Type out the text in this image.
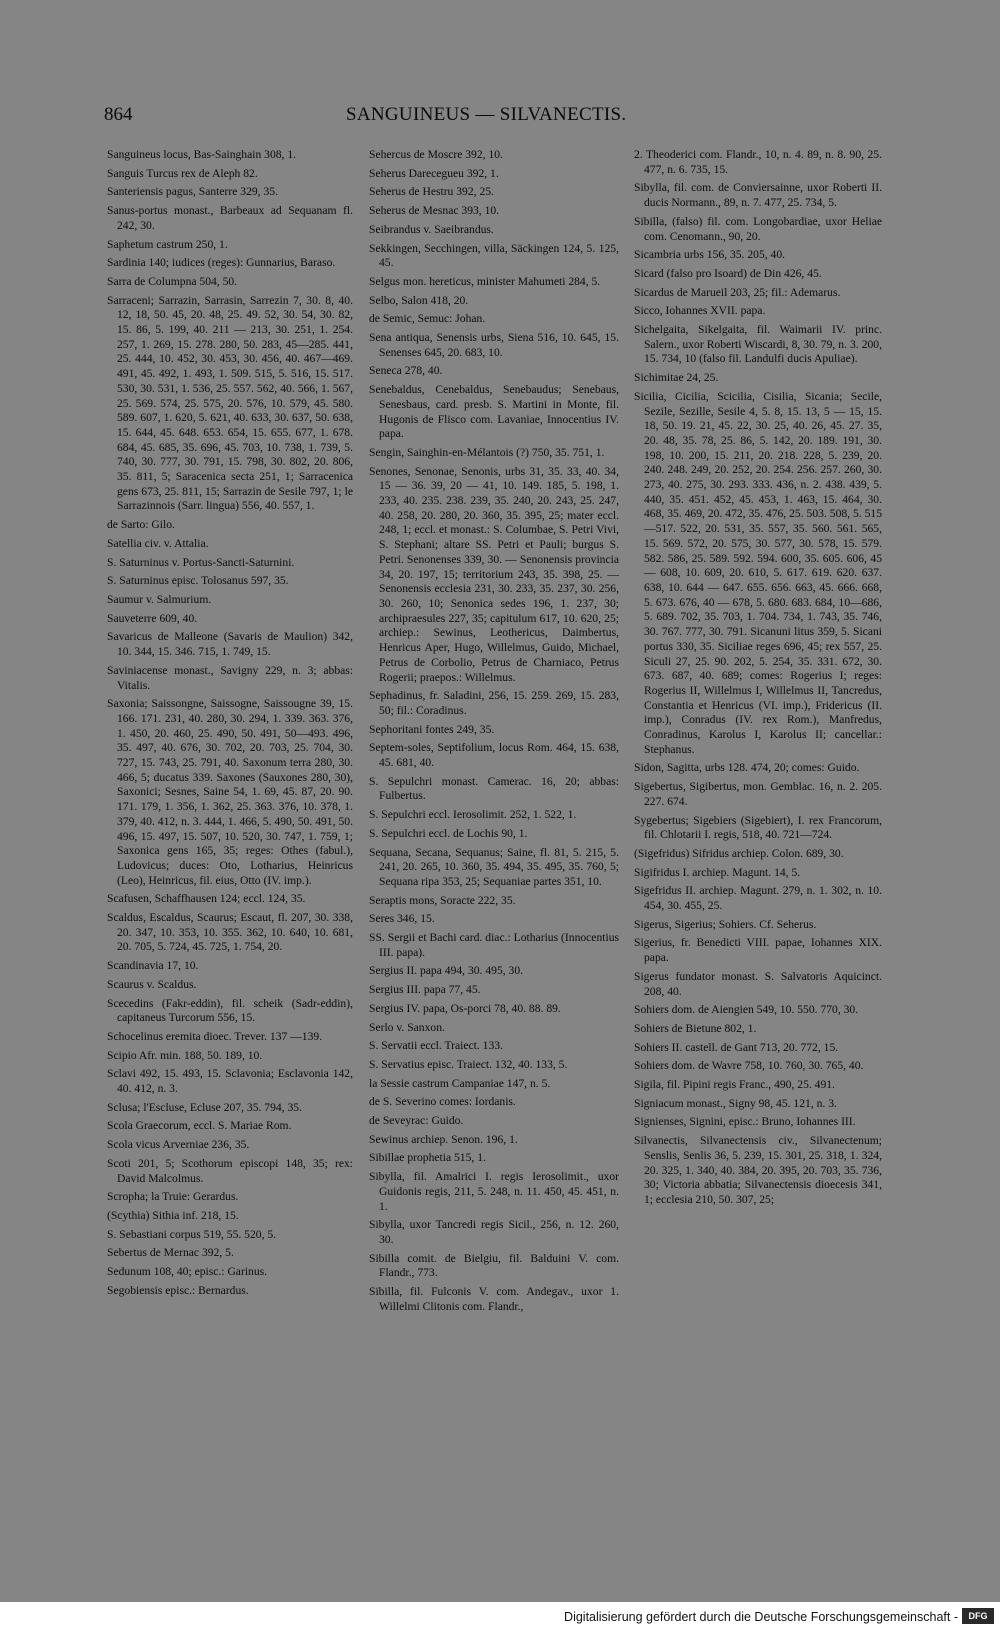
864	SANGUINEUS — SILVANECTIS.
Sanguineus locus, Bas-Sainghain 308, 1.
Sanguis Turcus rex de Aleph 82.
Santeriensis pagus, Santerre 329, 35.
Sanus-portus monast., Barbeaux ad Sequanam fl. 242, 30.
Saphetum castrum 250, 1.
Sardinia 140; iudices (reges): Gunnarius, Baraso.
Sarra de Columpna 504, 50.
Sarraceni; Sarrazin, Sarrasin, Sarrezin 7, 30. 8, 40. 12, 18, 50. 45, 20. 48, 25. 49. 52, 30. 54, 30. 82, 15. 86, 5. 199, 40. 211 — 213, 30. 251, 1. 254. 257, 1. 269, 15. 278. 280, 50. 283, 45—285. 441, 25. 444, 10. 452, 30. 453, 30. 456, 40. 467—469. 491, 45. 492, 1. 493, 1. 509. 515, 5. 516, 15. 517. 530, 30. 531, 1. 536, 25. 557. 562, 40. 566, 1. 567, 25. 569. 574, 25. 575, 20. 576, 10. 579, 45. 580. 589. 607, 1. 620, 5. 621, 40. 633, 30. 637, 50. 638, 15. 644, 45. 648. 653. 654, 15. 655. 677, 1. 678. 684, 45. 685, 35. 696, 45. 703, 10. 738, 1. 739, 5. 740, 30. 777, 30. 791, 15. 798, 30. 802, 20. 806, 35. 811, 5; Saracenica secta 251, 1; Sarracenica gens 673, 25. 811, 15; Sarrazin de Sesile 797, 1; le Sarrazinnois (Sarr. lingua) 556, 40. 557, 1.
de Sarto: Gilo.
Satellia civ. v. Attalia.
S. Saturninus v. Portus-Sancti-Saturnini.
S. Saturninus episc. Tolosanus 597, 35.
Saumur v. Salmurium.
Sauveterre 609, 40.
Savaricus de Malleone (Savaris de Maulion) 342, 10. 344, 15. 346. 715, 1. 749, 15.
Saviniacense monast., Savigny 229, n. 3; abbas: Vitalis.
Saxonia; Saissongne, Saissogne, Saissougne 39, 15. 166. 171. 231, 40. 280, 30. 294, 1. 339. 363. 376, 1. 450, 20. 460, 25. 490, 50. 491, 50—493. 496, 35. 497, 40. 676, 30. 702, 20. 703, 25. 704, 30. 727, 15. 743, 25. 791, 40. Saxonum terra 280, 30. 466, 5; ducatus 339. Saxones (Sauxones 280, 30), Saxonici; Sesnes, Saine 54, 1. 69, 45. 87, 20. 90. 171. 179, 1. 356, 1. 362, 25. 363. 376, 10. 378, 1. 379, 40. 412, n. 3. 444, 1. 466, 5. 490, 50. 491, 50. 496, 15. 497, 15. 507, 10. 520, 30. 747, 1. 759, 1; Saxonica gens 165, 35; reges: Othes (fabul.), Ludovicus; duces: Oto, Lotharius, Heinricus (Leo), Heinricus, fil. eius, Otto (IV. imp.).
Scafusen, Schaffhausen 124; eccl. 124, 35.
Scaldus, Escaldus, Scaurus; Escaut, fl. 207, 30. 338, 20. 347, 10. 353, 10. 355. 362, 10. 640, 10. 681, 20. 705, 5. 724, 45. 725, 1. 754, 20.
Scandinavia 17, 10.
Scaurus v. Scaldus.
Scecedins (Fakr-eddin), fil. scheik (Sadr-eddin), capitaneus Turcorum 556, 15.
Schocelinus eremita dioec. Trever. 137 —139.
Scipio Afr. min. 188, 50. 189, 10.
Sclavi 492, 15. 493, 15. Sclavonia; Esclavonia 142, 40. 412, n. 3.
Sclusa; l'Escluse, Ecluse 207, 35. 794, 35.
Scola Graecorum, eccl. S. Mariae Rom.
Scola vicus Arverniae 236, 35.
Scoti 201, 5; Scothorum episcopi 148, 35; rex: David Malcolmus.
Scropha; la Truie: Gerardus.
(Scythia) Sithia inf. 218, 15.
S. Sebastiani corpus 519, 55. 520, 5.
Sebertus de Mernac 392, 5.
Sedunum 108, 40; episc.: Garinus.
Segobiensis episc.: Bernardus.
Sehercus de Moscre 392, 10.
Seherus Darecegueu 392, 1.
Seherus de Hestru 392, 25.
Seherus de Mesnac 393, 10.
Seibrandus v. Saeibrandus.
Sekkingen, Secchingen, villa, Säckingen 124, 5. 125, 45.
Selgus mon. hereticus, minister Mahumeti 284, 5.
Selbo, Salon 418, 20.
de Semic, Semuc: Johan.
Sena antiqua, Senensis urbs, Siena 516, 10. 645, 15. Senenses 645, 20. 683, 10.
Seneca 278, 40.
Senebaldus, Cenebaldus, Senebaudus; Senebaus, Senesbaus, card. presb. S. Martini in Monte, fil. Hugonis de Flisco com. Lavaniae, Innocentius IV. papa.
Sengin, Sainghin-en-Mélantois (?) 750, 35. 751, 1.
Senones, Senonae, Senonis, urbs 31, 35. 33, 40. 34, 15 — 36. 39, 20 — 41, 10. 149. 185, 5. 198, 1. 233, 40. 235. 238. 239, 35. 240, 20. 243, 25. 247, 40. 258, 20. 280, 20. 360, 35. 395, 25; mater eccl. 248, 1; eccl. et monast.: S. Columbae, S. Petri Vivi, S. Stephani; altare SS. Petri et Pauli; burgus S. Petri. Senonenses 339, 30. — Senonensis provincia 34, 20. 197, 15; territorium 243, 35. 398, 25. — Senonensis ecclesia 231, 30. 233, 35. 237, 30. 256, 30. 260, 10; Senonica sedes 196, 1. 237, 30; archipraesules 227, 35; capitulum 617, 10. 620, 25; archiep.: Sewinus, Leothericus, Daimbertus, Henricus Aper, Hugo, Willelmus, Guido, Michael, Petrus de Corbolio, Petrus de Charniaco, Petrus Rogerii; praepos.: Willelmus.
Sephadinus, fr. Saladini, 256, 15. 259. 269, 15. 283, 50; fil.: Coradinus.
Sephoritani fontes 249, 35.
Septem-soles, Septifolium, locus Rom. 464, 15. 638, 45. 681, 40.
S. Sepulchri monast. Camerac. 16, 20; abbas: Fulbertus.
S. Sepulchri eccl. Ierosolimit. 252, 1. 522, 1.
S. Sepulchri eccl. de Lochis 90, 1.
Sequana, Secana, Sequanus; Saine, fl. 81, 5. 215, 5. 241, 20. 265, 10. 360, 35. 494, 35. 495, 35. 760, 5; Sequana ripa 353, 25; Sequaniae partes 351, 10.
Seraptis mons, Soracte 222, 35.
Seres 346, 15.
SS. Sergii et Bachi card. diac.: Lotharius (Innocentius III. papa).
Sergius II. papa 494, 30. 495, 30.
Sergius III. papa 77, 45.
Sergius IV. papa, Os-porci 78, 40. 88. 89.
Serlo v. Sanxon.
S. Servatii eccl. Traiect. 133.
S. Servatius episc. Traiect. 132, 40. 133, 5.
la Sessie castrum Campaniae 147, n. 5.
de S. Severino comes: Iordanis.
de Seveyrac: Guido.
Sewinus archiep. Senon. 196, 1.
Sibillae prophetia 515, 1.
Sibylla, fil. Amalrici I. regis Ierosolimit., uxor Guidonis regis, 211, 5. 248, n. 11. 450, 45. 451, n. 1.
Sibylla, uxor Tancredi regis Sicil., 256, n. 12. 260, 30.
Sibilla comit. de Bielgiu, fil. Balduini V. com. Flandr., 773.
Sibilla, fil. Fulconis V. com. Andegav., uxor 1. Willelmi Clitonis com. Flandr.,
2. Theoderici com. Flandr., 10, n. 4. 89, n. 8. 90, 25. 477, n. 6. 735, 15.
Sibylla, fil. com. de Conviersainne, uxor Roberti II. ducis Normann., 89, n. 7. 477, 25. 734, 5.
Sibilla, (falso) fil. com. Longobardiae, uxor Heliae com. Cenomann., 90, 20.
Sicambria urbs 156, 35. 205, 40.
Sicard (falso pro Isoard) de Din 426, 45.
Sicardus de Marueil 203, 25; fil.: Ademarus.
Sicco, Iohannes XVII. papa.
Sichelgaita, Sikelgaita, fil. Waimarii IV. princ. Salern., uxor Roberti Wiscardi, 8, 30. 79, n. 3. 200, 15. 734, 10 (falso fil. Landulfi ducis Apuliae).
Sichimitae 24, 25.
Sicilia, Cicilia, Scicilia, Cisilia, Sicania; Secile, Sezile, Sezille, Sesile 4, 5. 8, 15. 13, 5 — 15, 15. 18, 50. 19. 21, 45. 22, 30. 25, 40. 26, 45. 27. 35, 20. 48, 35. 78, 25. 86, 5. 142, 20. 189. 191, 30. 198, 10. 200, 15. 211, 20. 218. 228, 5. 239, 20. 240. 248. 249, 20. 252, 20. 254. 256. 257. 260, 30. 273, 40. 275, 30. 293. 333. 436, n. 2. 438. 439, 5. 440, 35. 451. 452, 45. 453, 1. 463, 15. 464, 30. 468, 35. 469, 20. 472, 35. 476, 25. 503. 508, 5. 515—517. 522, 20. 531, 35. 557, 35. 560. 561. 565, 15. 569. 572, 20. 575, 30. 577, 30. 578, 15. 579. 582. 586, 25. 589. 592. 594. 600, 35. 605. 606, 45 — 608, 10. 609, 20. 610, 5. 617. 619. 620. 637. 638, 10. 644 — 647. 655. 656. 663, 45. 666. 668, 5. 673. 676, 40 — 678, 5. 680. 683. 684, 10—686, 5. 689. 702, 35. 703, 1. 704. 734, 1. 743, 35. 746, 30. 767. 777, 30. 791. Sicanuni litus 359, 5. Sicani portus 330, 35. Siciliae reges 696, 45; rex 557, 25. Siculi 27, 25. 90. 202, 5. 254, 35. 331. 672, 30. 673. 687, 40. 689; comes: Rogerius I; reges: Rogerius II, Willelmus I, Willelmus II, Tancredus, Constantia et Henricus (VI. imp.), Fridericus (II. imp.), Conradus (IV. rex Rom.), Manfredus, Conradinus, Karolus I, Karolus II; cancellar.: Stephanus.
Sidon, Sagitta, urbs 128. 474, 20; comes: Guido.
Sigebertus, Sigibertus, mon. Gemblac. 16, n. 2. 205. 227. 674.
Sygebertus; Sigebiers (Sigebiert), I. rex Francorum, fil. Chlotarii I. regis, 518, 40. 721—724.
(Sigefridus) Sifridus archiep. Colon. 689, 30.
Sigifridus I. archiep. Magunt. 14, 5.
Sigefridus II. archiep. Magunt. 279, n. 1. 302, n. 10. 454, 30. 455, 25.
Sigerus, Sigerius; Sohiers. Cf. Seherus.
Sigerius, fr. Benedicti VIII. papae, Iohannes XIX. papa.
Sigerus fundator monast. S. Salvatoris Aquicinct. 208, 40.
Sohiers dom. de Aiengien 549, 10. 550. 770, 30.
Sohiers de Bietune 802, 1.
Sohiers II. castell. de Gant 713, 20. 772, 15.
Sohiers dom. de Wavre 758, 10. 760, 30. 765, 40.
Sigila, fil. Pipini regis Franc., 490, 25. 491.
Signiacum monast., Signy 98, 45. 121, n. 3.
Signienses, Signini, episc.: Bruno, Iohannes III.
Silvanectis, Silvanectensis civ., Silvanectenum; Senslis, Senlis 36, 5. 239, 15. 301, 25. 318, 1. 324, 20. 325, 1. 340, 40. 384, 20. 395, 20. 703, 35. 736, 30; Victoria abbatia; Silvanectensis dioecesis 341, 1; ecclesia 210, 50. 307, 25;
Digitalisierung gefördert durch die Deutsche Forschungsgemeinschaft -	DFG
